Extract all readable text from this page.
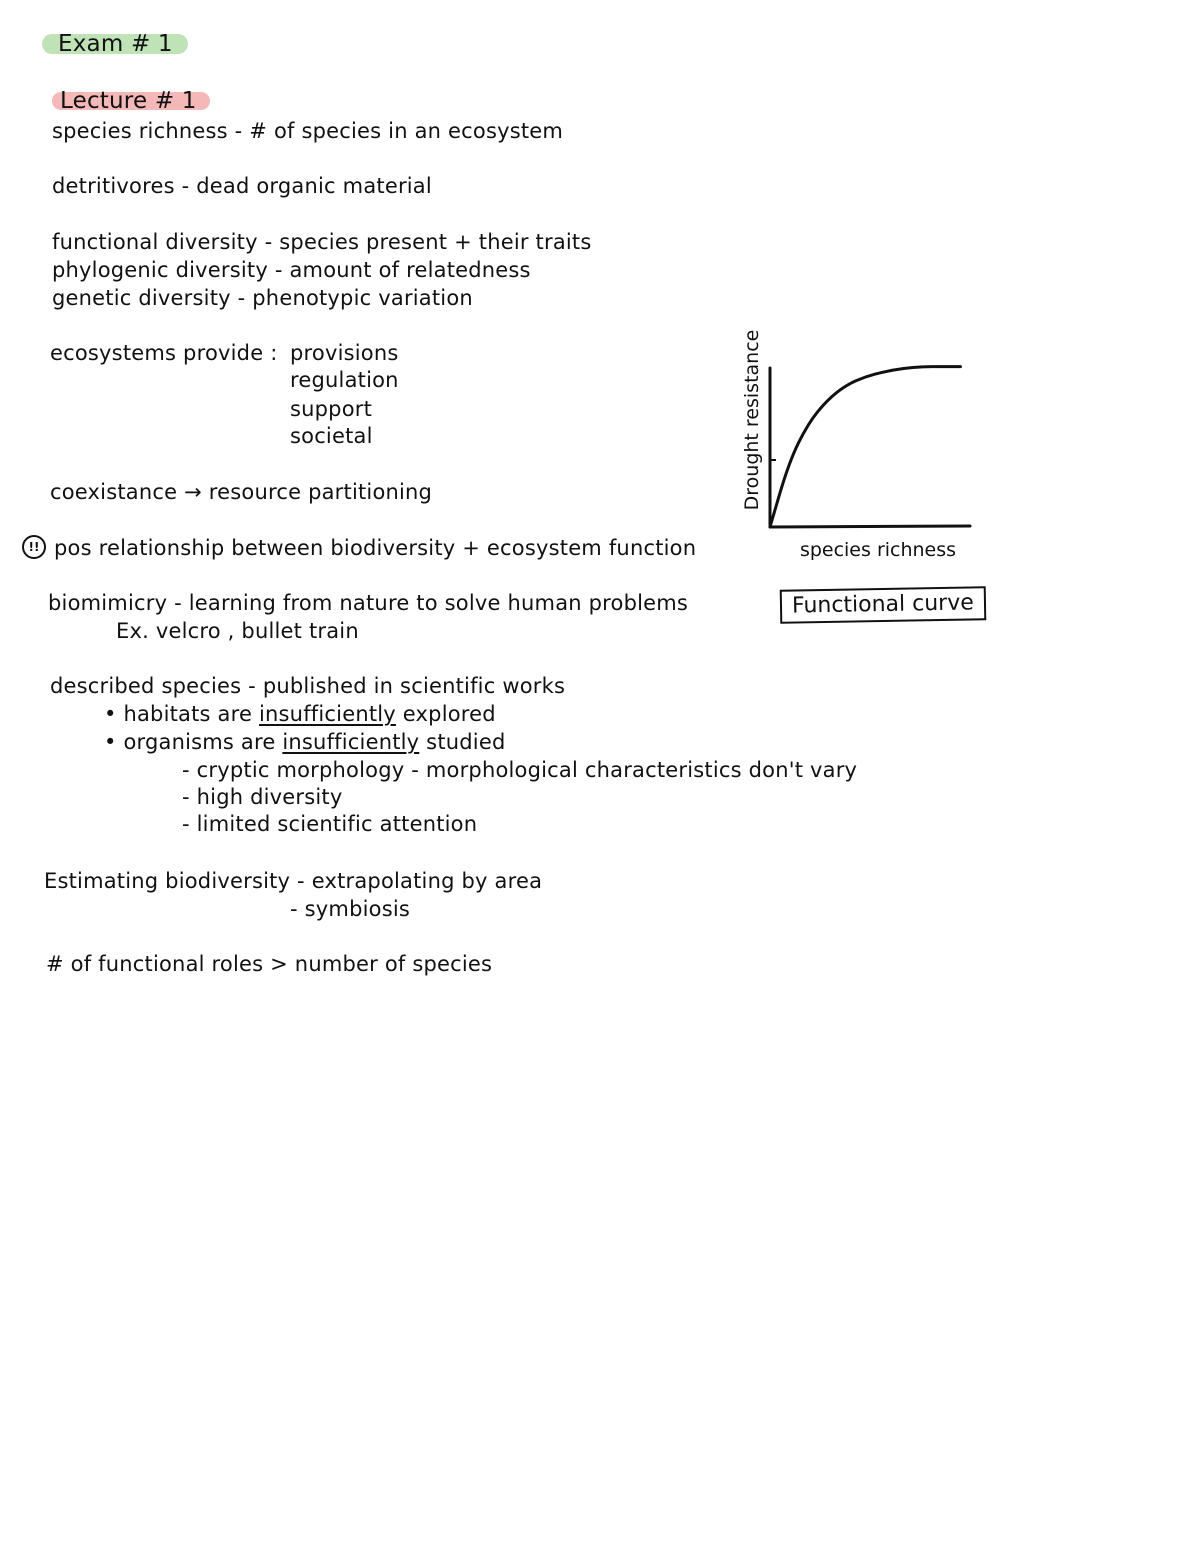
Exam # 1
Lecture # 1
species richness - # of species in an ecosystem
detritivores - dead organic material
functional diversity - species present + their traits
phylogenic diversity - amount of relatedness
genetic diversity - phenotypic variation
ecosystems provide : provisions
regulation
support
societal
coexistance → resource partitioning
!! pos relationship between biodiversity + ecosystem function
biomimicry - learning from nature to solve human problems
Ex. velcro , bullet train
described species - published in scientific works
• habitats are insufficiently explored
• organisms are insufficiently studied
- cryptic morphology - morphological characteristics don't vary
- high diversity
- limited scientific attention
Estimating biodiversity - extrapolating by area
- symbiosis
# of functional roles > number of species
species richness
Drought resistance
Functional curve
